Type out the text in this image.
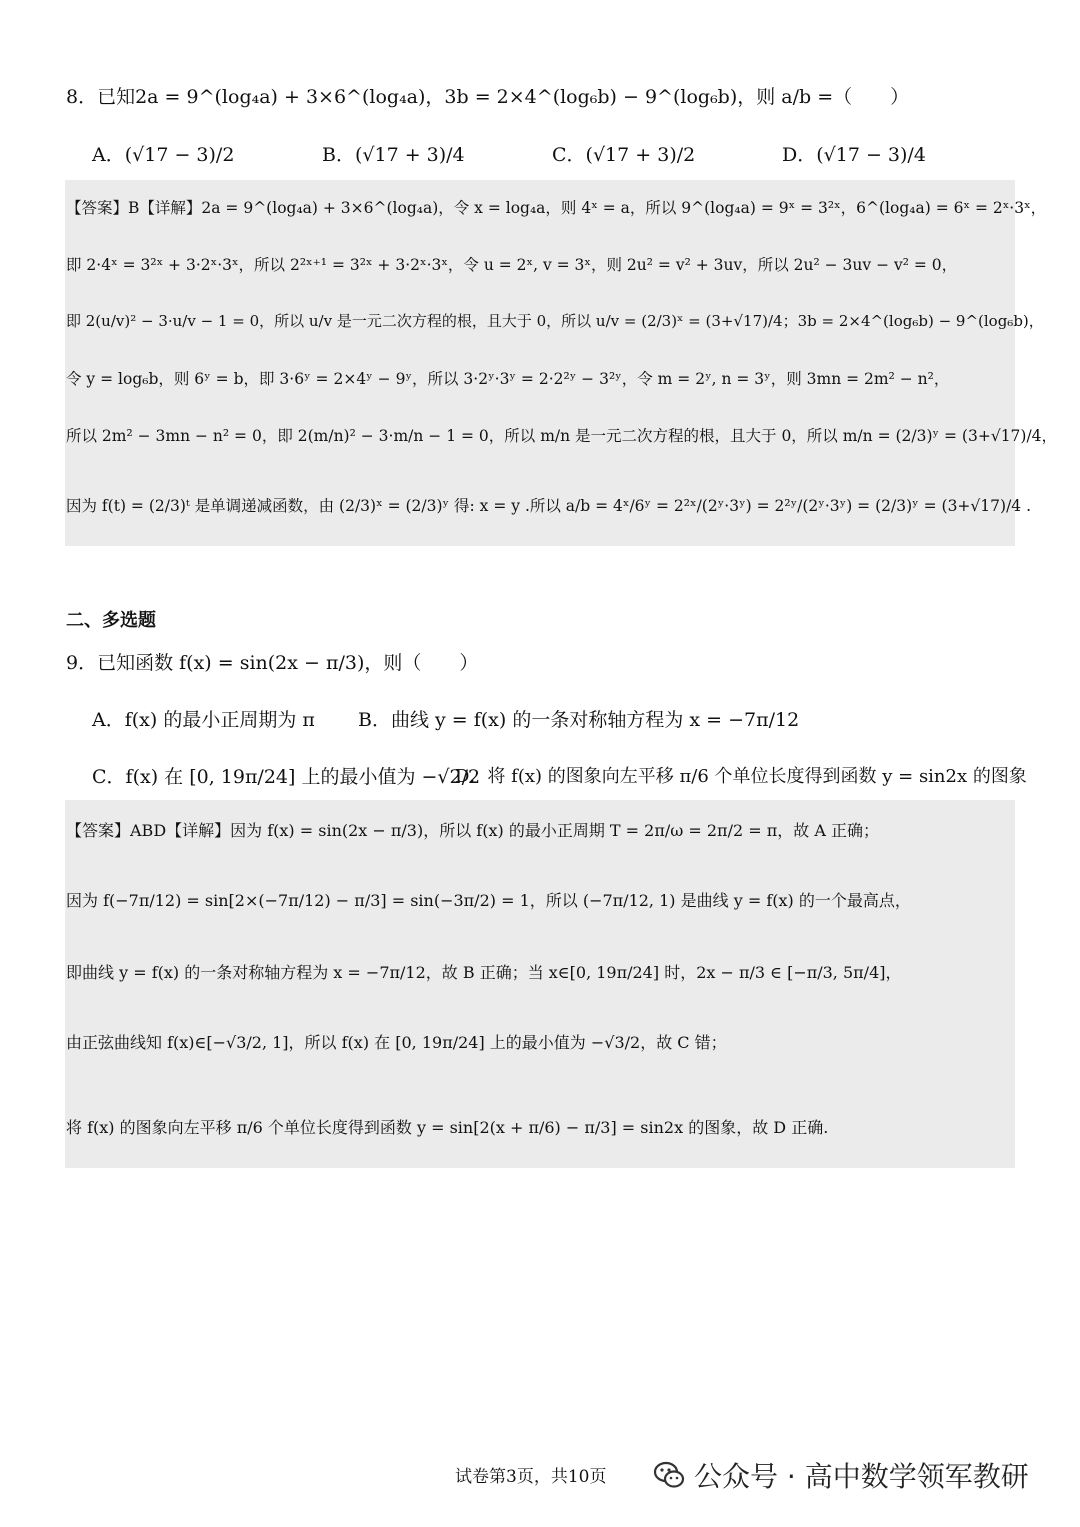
8．已知2a = 9^(log₄a) + 3×6^(log₄a)，3b = 2×4^(log₆b) − 9^(log₆b)，则 a/b =（　　）
A．(√17 − 3)/2	B．(√17 + 3)/4	C．(√17 + 3)/2	D．(√17 − 3)/4
【答案】B【详解】2a = 9^(log₄a) + 3×6^(log₄a)，令 x = log₄a，则 4ˣ = a，所以 9^(log₄a) = 9ˣ = 3²ˣ，6^(log₄a) = 6ˣ = 2ˣ·3ˣ，
即 2·4ˣ = 3²ˣ + 3·2ˣ·3ˣ，所以 2²ˣ⁺¹ = 3²ˣ + 3·2ˣ·3ˣ，令 u = 2ˣ, v = 3ˣ，则 2u² = v² + 3uv，所以 2u² − 3uv − v² = 0，
即 2(u/v)² − 3·u/v − 1 = 0，所以 u/v 是一元二次方程的根，且大于 0，所以 u/v = (2/3)ˣ = (3+√17)/4；3b = 2×4^(log₆b) − 9^(log₆b)，
令 y = log₆b，则 6ʸ = b，即 3·6ʸ = 2×4ʸ − 9ʸ，所以 3·2ʸ·3ʸ = 2·2²ʸ − 3²ʸ，令 m = 2ʸ, n = 3ʸ，则 3mn = 2m² − n²，
所以 2m² − 3mn − n² = 0，即 2(m/n)² − 3·m/n − 1 = 0，所以 m/n 是一元二次方程的根，且大于 0，所以 m/n = (2/3)ʸ = (3+√17)/4，
因为 f(t) = (2/3)ᵗ 是单调递减函数，由 (2/3)ˣ = (2/3)ʸ 得: x = y .所以 a/b = 4ˣ/6ʸ = 2²ˣ/(2ʸ·3ʸ) = 2²ʸ/(2ʸ·3ʸ) = (2/3)ʸ = (3+√17)/4 .
二、多选题
9．已知函数 f(x) = sin(2x − π/3)，则（　　）
A．f(x) 的最小正周期为 π B．曲线 y = f(x) 的一条对称轴方程为 x = −7π/12
C．f(x) 在 [0, 19π/24] 上的最小值为 −√2/2
D．将 f(x) 的图象向左平移 π/6 个单位长度得到函数 y = sin2x 的图象
【答案】ABD【详解】因为 f(x) = sin(2x − π/3)，所以 f(x) 的最小正周期 T = 2π/ω = 2π/2 = π，故 A 正确；
因为 f(−7π/12) = sin[2×(−7π/12) − π/3] = sin(−3π/2) = 1，所以 (−7π/12, 1) 是曲线 y = f(x) 的一个最高点，
即曲线 y = f(x) 的一条对称轴方程为 x = −7π/12，故 B 正确；当 x∈[0, 19π/24] 时，2x − π/3 ∈ [−π/3, 5π/4]，
由正弦曲线知 f(x)∈[−√3/2, 1]，所以 f(x) 在 [0, 19π/24] 上的最小值为 −√3/2，故 C 错；
将 f(x) 的图象向左平移 π/6 个单位长度得到函数 y = sin[2(x + π/6) − π/3] = sin2x 的图象，故 D 正确.
试卷第3页，共10页	公众号 · 高中数学领军教研
